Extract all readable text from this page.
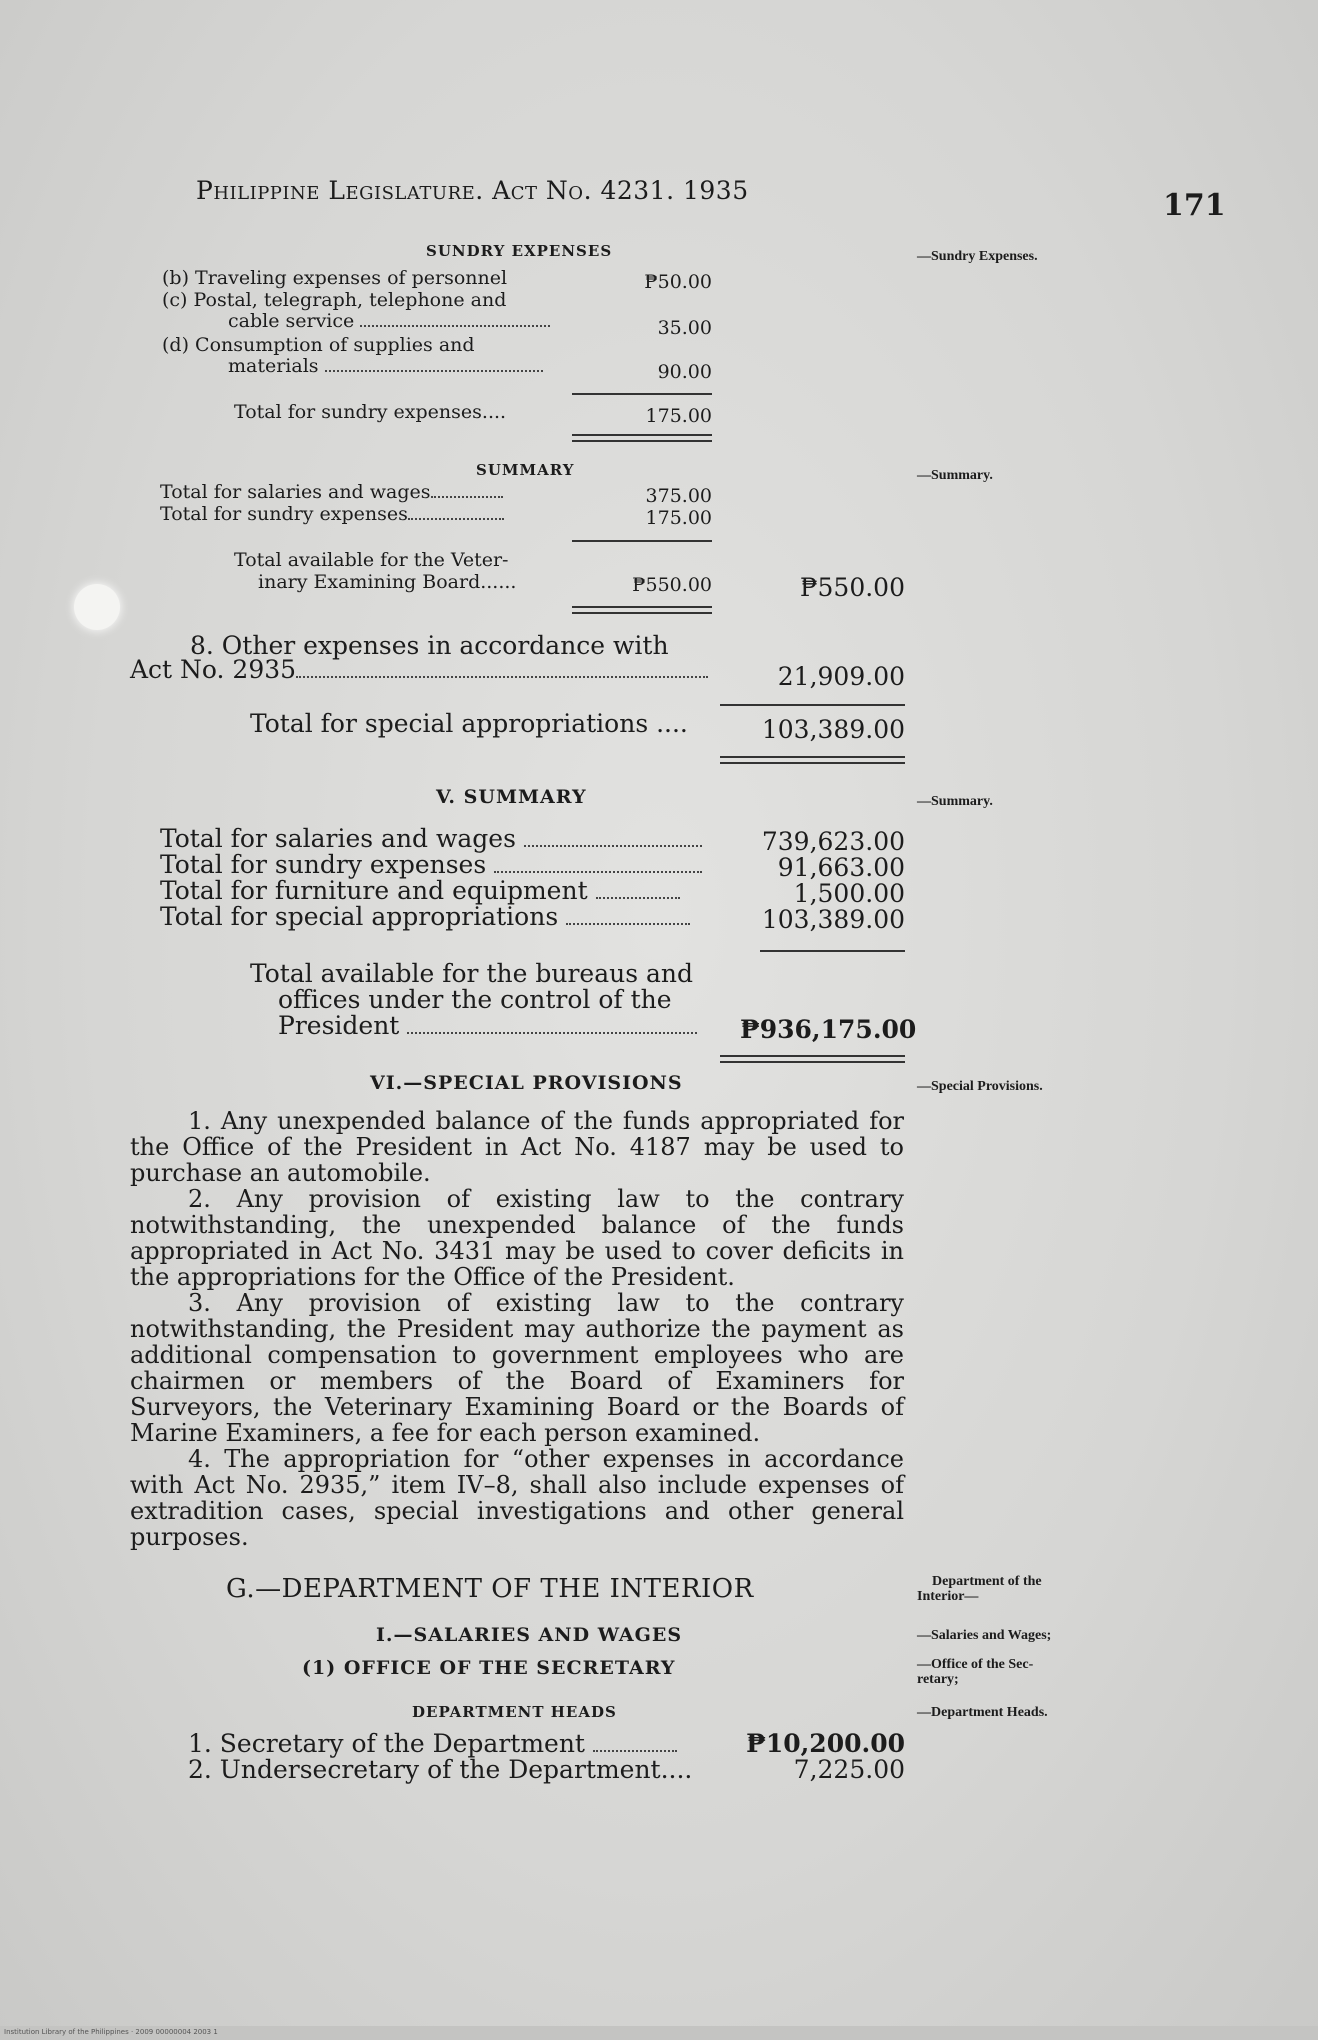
Philippine Legislature. Act No. 4231. 1935	171
SUNDRY EXPENSES	—Sundry Expenses.
(b) Traveling expenses of personnel	₱50.00
(c) Postal, telegraph, telephone and
cable service	35.00
(d) Consumption of supplies and
materials	90.00
Total for sundry expenses....	175.00
SUMMARY	—Summary.
Total for salaries and wages	375.00
Total for sundry expenses	175.00
Total available for the Veter-
inary Examining Board......	₱550.00	₱550.00
8. Other expenses in accordance with
Act No. 2935	21,909.00
Total for special appropriations ....	103,389.00
V. SUMMARY	—Summary.
Total for salaries and wages	739,623.00
Total for sundry expenses	91,663.00
Total for furniture and equipment	1,500.00
Total for special appropriations	103,389.00
Total available for the bureaus and
offices under the control of the
President	₱936,175.00
VI.—SPECIAL PROVISIONS	—Special Provisions.

1. Any unexpended balance of the funds appropriated for the Office of the President in Act No. 4187 may be used to purchase an automobile.

2. Any provision of existing law to the contrary notwithstanding, the unexpended balance of the funds appropriated in Act No. 3431 may be used to cover deficits in the appropriations for the Office of the President.

3. Any provision of existing law to the contrary notwithstanding, the President may authorize the payment as additional compensation to government employees who are chairmen or members of the Board of Examiners for Surveyors, the Veterinary Examining Board or the Boards of Marine Examiners, a fee for each person examined.

4. The appropriation for “other expenses in accordance with Act No. 2935,” item IV–8, shall also include expenses of extradition cases, special investigations and other general purposes.

G.—DEPARTMENT OF THE INTERIOR	Department of the
Interior—
I.—SALARIES AND WAGES	—Salaries and Wages;
(1) OFFICE OF THE SECRETARY	—Office of the Sec-
retary;
DEPARTMENT HEADS	—Department Heads.
1. Secretary of the Department	₱10,200.00
2. Undersecretary of the Department....	7,225.00
Institution Library of the Philippines · 2009 00000004 2003 1
